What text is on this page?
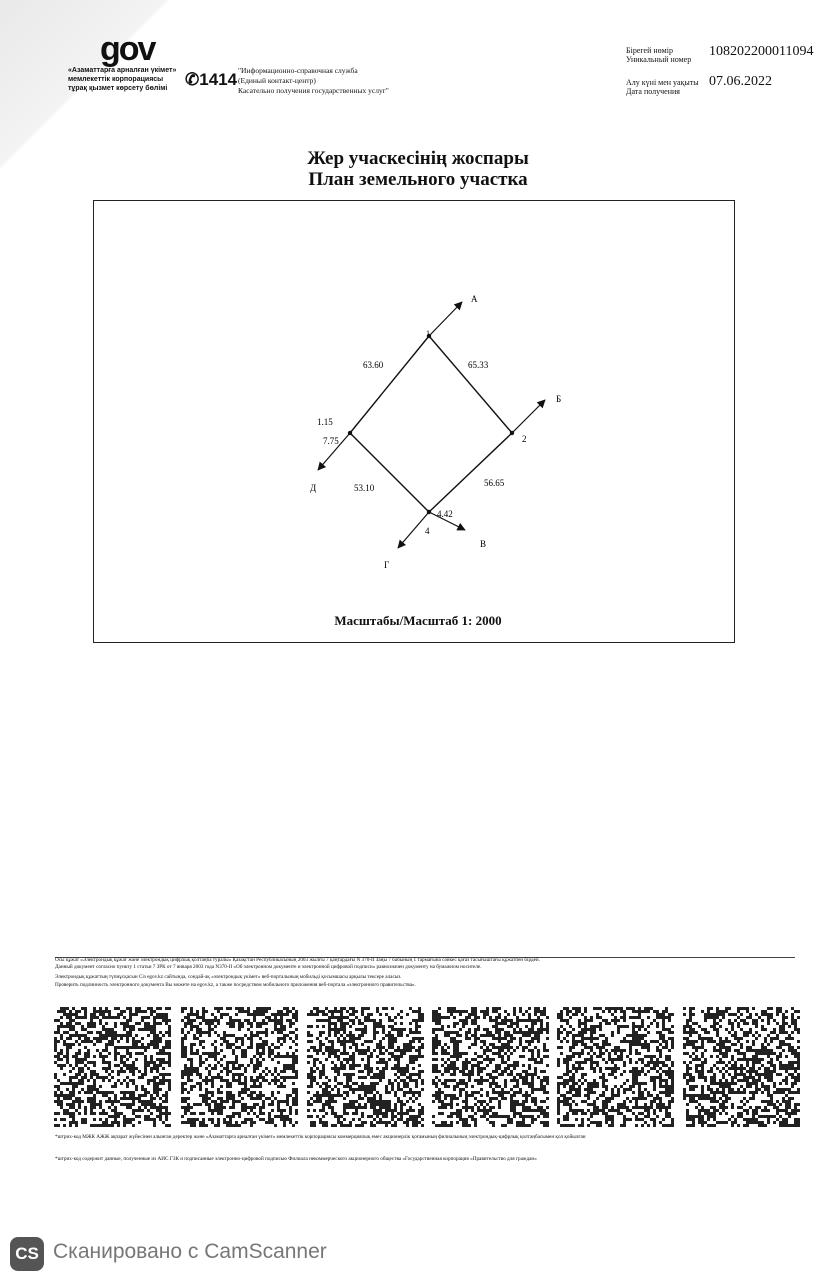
gov
«Азаматтарға арналған үкімет»
мемлекеттік корпорациясы
тұрақ қызмет көрсету бөлімі	✆1414 "Информационно-справочная служба
(Единый контакт-центр)
Касательно получения государственных услуг"
Бірегей нөмір
Уникальный номер
108202200011094
Алу күні мен уақыты
Дата получения
07.06.2022
Жер учаскесінің жоспары
План земельного участка
1
2
4
63.60	65.33
56.65
53.10
1.15
7.75
4.42
А
Б
В
Г
Д
Масштабы/Масштаб 1: 2000
Осы құжат «Электрондық құжат және электрондық цифрлық қолтаңба туралы» Қазақстан Республикасының 2003 жылғы 7 қаңтардағы N 370-II Заңы 7 бабының 1 тармағына сәйкес қағаз тасығыштағы құжатпен бірдей.
Данный документ согласно пункту 1 статьи 7 ЗРК от 7 января 2003 года N370-II «Об электронном документе и электронной цифровой подписи» равнозначен документу на бумажном носителе.
Электрондық құжаттың түпнұсқасын Сіз egov.kz сайтында, сондай-ақ «электрондық үкімет» веб-порталының мобильді қосымшасы арқылы тексере аласыз.
Проверить подлинность электронного документа Вы можете на egov.kz, а также посредством мобильного приложения веб-портала «электронного правительства».
*штрих-код МЖК АЖЖ ақпарат жүйесінен алынған деректер және «Азаматтарға арналған үкімет» мемлекеттік корпорациясы коммерциялық емес акционерлік қоғамының филиалының электрондық-цифрлық қолтаңбасымен қол қойылған
*штрих-код содержит данные, полученные из АИС ГЗК и подписанные электронно-цифровой подписью Филиала некоммерческого акционерного общества «Государственная корпорация «Правительство для граждан»
CS Сканировано с CamScanner
